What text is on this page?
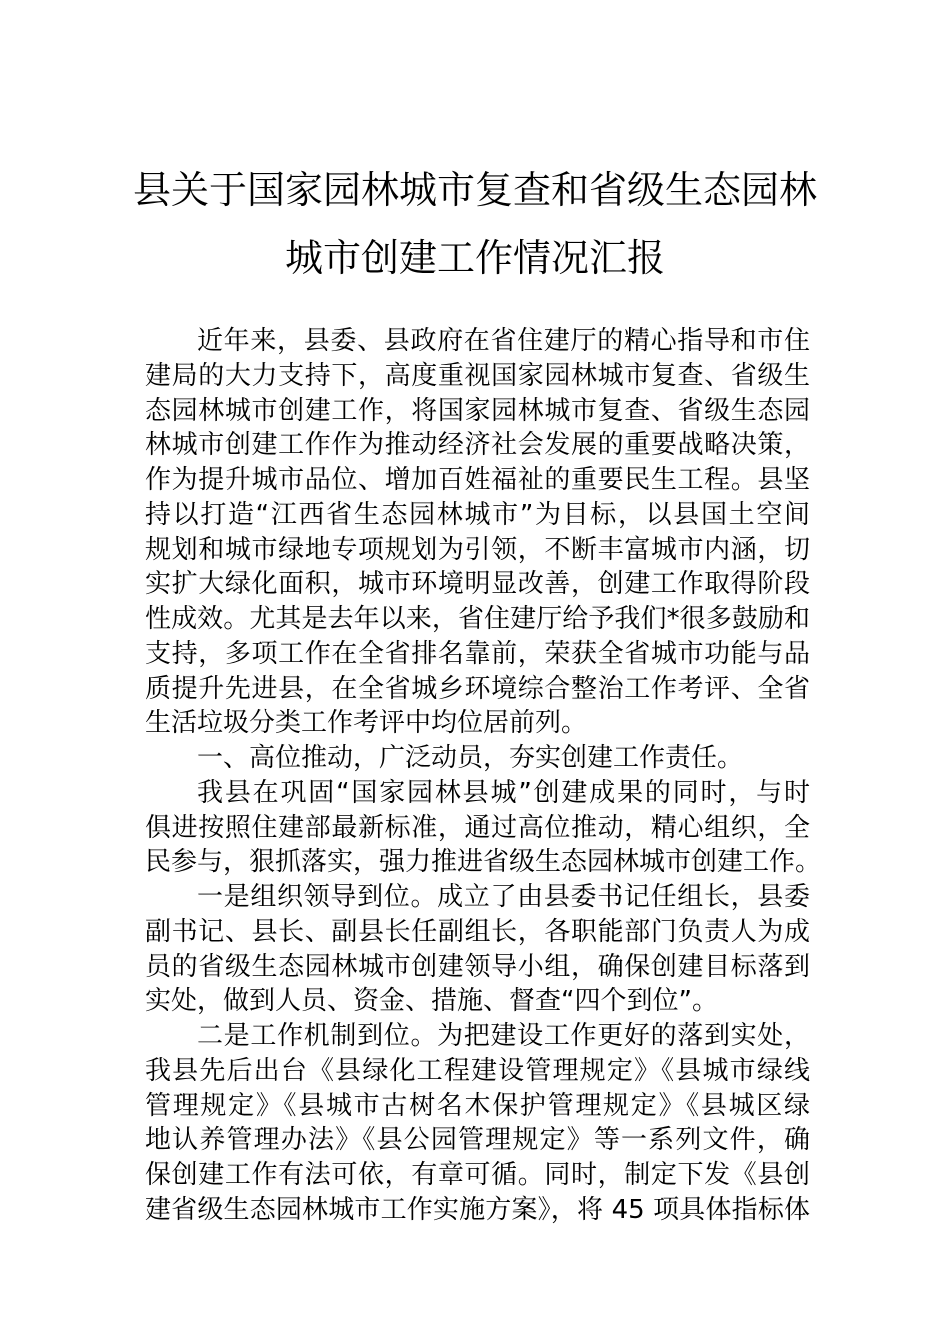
县关于国家园林城市复查和省级生态园林
城市创建工作情况汇报
近年来，县委、县政府在省住建厅的精心指导和市住
建局的大力支持下，高度重视国家园林城市复查、省级生
态园林城市创建工作，将国家园林城市复查、省级生态园
林城市创建工作作为推动经济社会发展的重要战略决策，
作为提升城市品位、增加百姓福祉的重要民生工程。县坚
持以打造“江西省生态园林城市”为目标，以县国土空间
规划和城市绿地专项规划为引领，不断丰富城市内涵，切
实扩大绿化面积，城市环境明显改善，创建工作取得阶段
性成效。尤其是去年以来，省住建厅给予我们*很多鼓励和
支持，多项工作在全省排名靠前，荣获全省城市功能与品
质提升先进县，在全省城乡环境综合整治工作考评、全省
生活垃圾分类工作考评中均位居前列。
一、高位推动，广泛动员，夯实创建工作责任。
我县在巩固“国家园林县城”创建成果的同时，与时
俱进按照住建部最新标准，通过高位推动，精心组织，全
民参与，狠抓落实，强力推进省级生态园林城市创建工作。
一是组织领导到位。成立了由县委书记任组长，县委
副书记、县长、副县长任副组长，各职能部门负责人为成
员的省级生态园林城市创建领导小组，确保创建目标落到
实处，做到人员、资金、措施、督查“四个到位”。
二是工作机制到位。为把建设工作更好的落到实处，
我县先后出台《县绿化工程建设管理规定》《县城市绿线
管理规定》《县城市古树名木保护管理规定》《县城区绿
地认养管理办法》《县公园管理规定》等一系列文件，确
保创建工作有法可依，有章可循。同时，制定下发《县创
建省级生态园林城市工作实施方案》，将 45 项具体指标体
